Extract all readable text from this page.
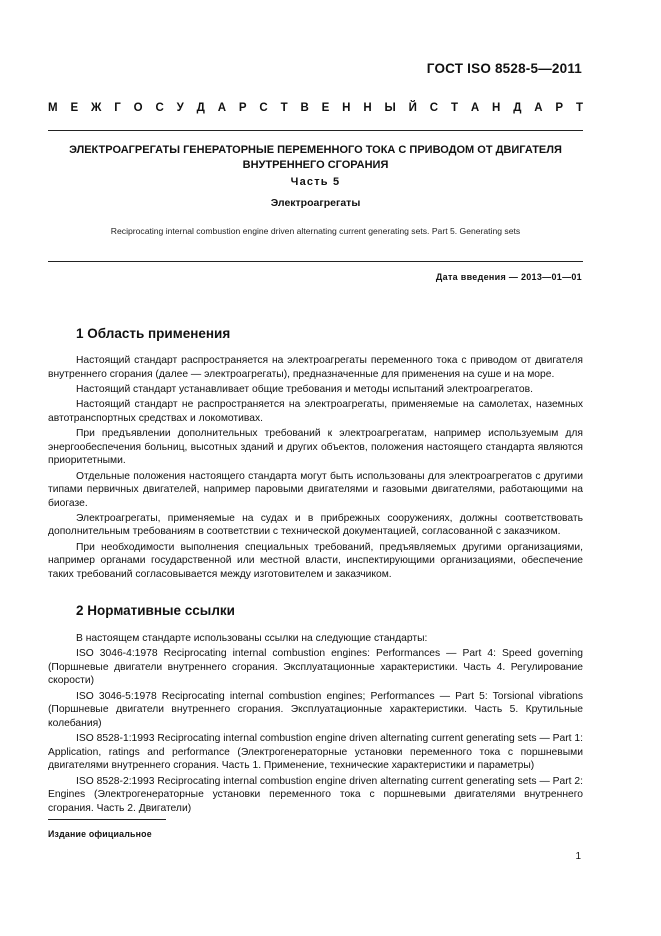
ГОСТ ISO 8528-5—2011
М Е Ж Г О С У Д А Р С Т В Е Н Н Ы Й С Т А Н Д А Р Т
ЭЛЕКТРОАГРЕГАТЫ ГЕНЕРАТОРНЫЕ ПЕРЕМЕННОГО ТОКА С ПРИВОДОМ ОТ ДВИГАТЕЛЯ
ВНУТРЕННЕГО СГОРАНИЯ
Часть 5
Электроагрегаты
Reciprocating internal combustion engine driven alternating current generating sets. Part 5. Generating sets
Дата введения — 2013—01—01
1 Область применения

Настоящий стандарт распространяется на электроагрегаты переменного тока с приводом от двигателя внутреннего сгорания (далее — электроагрегаты), предназначенные для применения на суше и на море.

Настоящий стандарт устанавливает общие требования и методы испытаний электроагрегатов.

Настоящий стандарт не распространяется на электроагрегаты, применяемые на самолетах, наземных автотранспортных средствах и локомотивах.

При предъявлении дополнительных требований к электроагрегатам, например используемым для энергообеспечения больниц, высотных зданий и других объектов, положения настоящего стандарта являются приоритетными.

Отдельные положения настоящего стандарта могут быть использованы для электроагрегатов с другими типами первичных двигателей, например паровыми двигателями и газовыми двигателями, работающими на биогазе.

Электроагрегаты, применяемые на судах и в прибрежных сооружениях, должны соответствовать дополнительным требованиям в соответствии с технической документацией, согласованной с заказчиком.

При необходимости выполнения специальных требований, предъявляемых другими организациями, например органами государственной или местной власти, инспектирующими организациями, обеспечение таких требований согласовывается между изготовителем и заказчиком.

2 Нормативные ссылки

В настоящем стандарте использованы ссылки на следующие стандарты:

ISO 3046-4:1978 Reciprocating internal combustion engines: Performances — Part 4: Speed governing (Поршневые двигатели внутреннего сгорания. Эксплуатационные характеристики. Часть 4. Регулирование скорости)

ISO 3046-5:1978 Reciprocating internal combustion engines; Performances — Part 5: Torsional vibrations (Поршневые двигатели внутреннего сгорания. Эксплуатационные характеристики. Часть 5. Крутильные колебания)

ISO 8528-1:1993 Reciprocating internal combustion engine driven alternating current generating sets — Part 1: Application, ratings and performance (Электрогенераторные установки переменного тока с поршневыми двигателями внутреннего сгорания. Часть 1. Применение, технические характеристики и параметры)

ISO 8528-2:1993 Reciprocating internal combustion engine driven alternating current generating sets — Part 2: Engines (Электрогенераторные установки переменного тока с поршневыми двигателями внутреннего сгорания. Часть 2. Двигатели)

Издание официальное
1
